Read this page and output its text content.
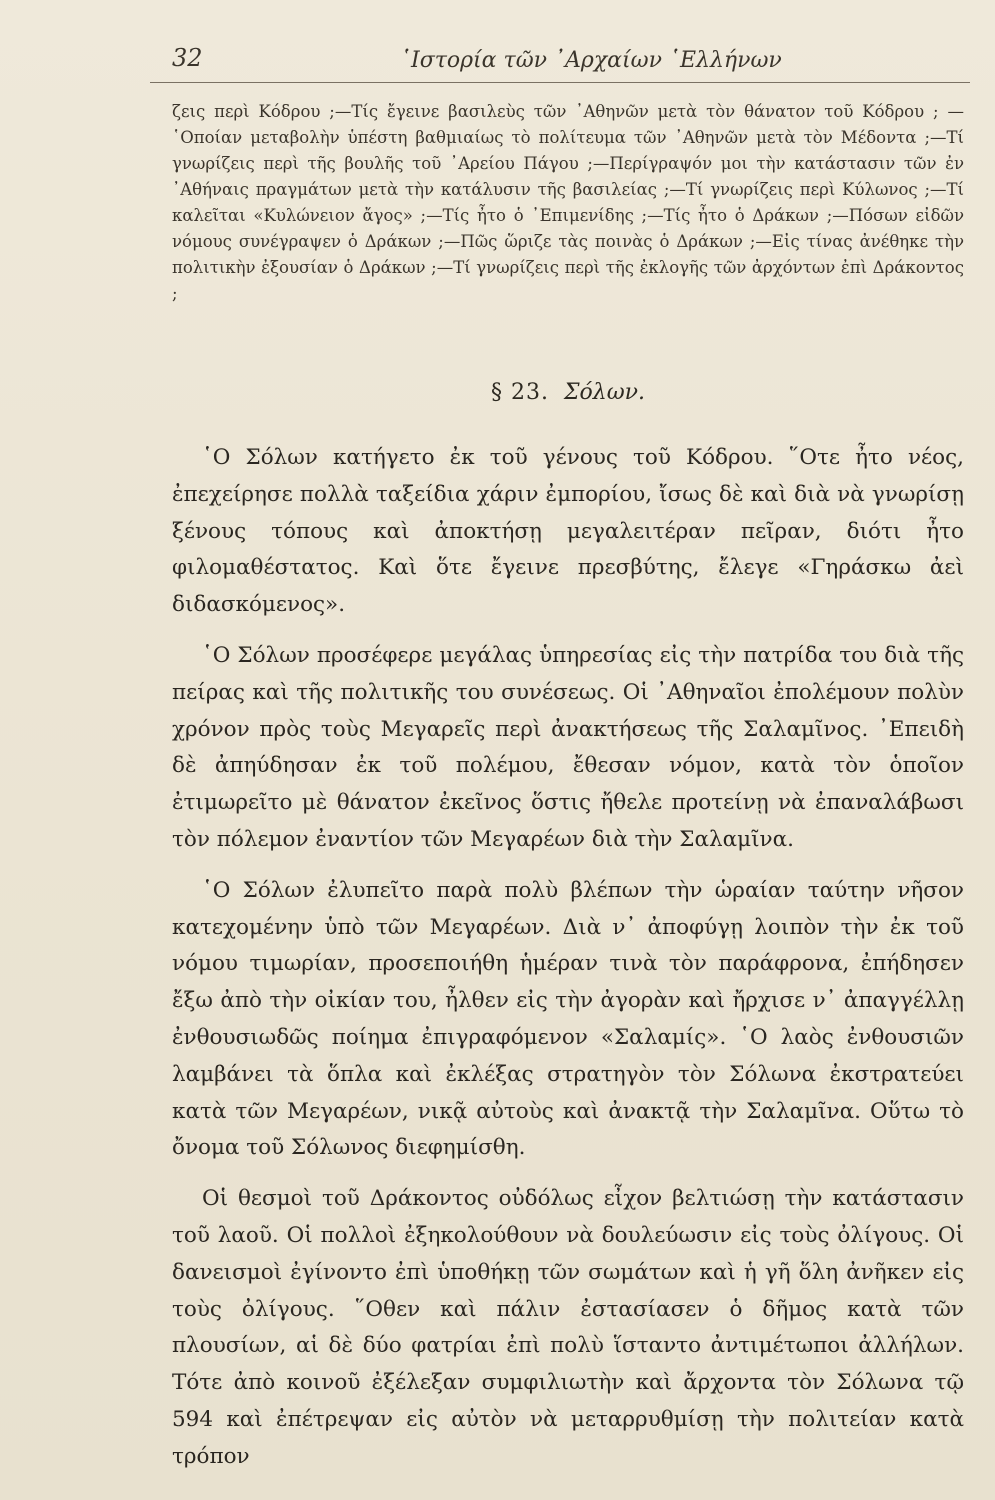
32	῾Ιστορία τῶν ᾿Αρχαίων ῾Ελλήνων
ζεις περὶ Κόδρου ;—Τίς ἔγεινε βασιλεὺς τῶν ᾿Αθηνῶν μετὰ τὸν θάνατον τοῦ Κόδρου ; —῾Οποίαν μεταβολὴν ὑπέστη βαθμιαίως τὸ πολίτευμα τῶν ᾿Αθηνῶν μετὰ τὸν Μέδοντα ;—Τί γνωρίζεις περὶ τῆς βουλῆς τοῦ ᾿Αρείου Πάγου ;—Περίγραψόν μοι τὴν κατάστασιν τῶν ἐν ᾿Αθήναις πραγμάτων μετὰ τὴν κατάλυσιν τῆς βασιλείας ;—Τί γνωρίζεις περὶ Κύλωνος ;—Τί καλεῖται «Κυλώνειον ἄγος» ;—Τίς ἦτο ὁ ᾿Επιμενίδης ;—Τίς ἦτο ὁ Δράκων ;—Πόσων εἰδῶν νόμους συνέγραψεν ὁ Δράκων ;—Πῶς ὥριζε τὰς ποινὰς ὁ Δράκων ;—Εἰς τίνας ἀνέθηκε τὴν πολιτικὴν ἐξουσίαν ὁ Δράκων ;—Τί γνωρίζεις περὶ τῆς ἐκλογῆς τῶν ἀρχόντων ἐπὶ Δράκοντος ;
§ 23. Σόλων.

῾Ο Σόλων κατήγετο ἐκ τοῦ γένους τοῦ Κόδρου. ῞Οτε ἦτο νέος, ἐπεχείρησε πολλὰ ταξείδια χάριν ἐμπορίου, ἴσως δὲ καὶ διὰ νὰ γνωρίσῃ ξένους τόπους καὶ ἀποκτήσῃ μεγαλειτέραν πεῖραν, διότι ἦτο φιλομαθέστατος. Καὶ ὅτε ἔγεινε πρεσβύτης, ἔλεγε «Γηράσκω ἀεὶ διδασκόμενος».

῾Ο Σόλων προσέφερε μεγάλας ὑπηρεσίας εἰς τὴν πατρίδα του διὰ τῆς πείρας καὶ τῆς πολιτικῆς του συνέσεως. Οἱ ᾿Αθηναῖοι ἐπολέμουν πολὺν χρόνον πρὸς τοὺς Μεγαρεῖς περὶ ἀνακτήσεως τῆς Σαλαμῖνος. ᾿Επειδὴ δὲ ἀπηύδησαν ἐκ τοῦ πολέμου, ἔθεσαν νόμον, κατὰ τὸν ὁποῖον ἐτιμωρεῖτο μὲ θάνατον ἐκεῖνος ὅστις ἤθελε προτείνῃ νὰ ἐπαναλάβωσι τὸν πόλεμον ἐναντίον τῶν Μεγαρέων διὰ τὴν Σαλαμῖνα.

῾Ο Σόλων ἐλυπεῖτο παρὰ πολὺ βλέπων τὴν ὡραίαν ταύτην νῆσον κατεχομένην ὑπὸ τῶν Μεγαρέων. Διὰ ν᾿ ἀποφύγῃ λοιπὸν τὴν ἐκ τοῦ νόμου τιμωρίαν, προσεποιήθη ἡμέραν τινὰ τὸν παράφρονα, ἐπήδησεν ἔξω ἀπὸ τὴν οἰκίαν του, ἦλθεν εἰς τὴν ἀγορὰν καὶ ἤρχισε ν᾿ ἀπαγγέλλῃ ἐνθουσιωδῶς ποίημα ἐπιγραφόμενον «Σαλαμίς». ῾Ο λαὸς ἐνθουσιῶν λαμβάνει τὰ ὅπλα καὶ ἐκλέξας στρατηγὸν τὸν Σόλωνα ἐκστρατεύει κατὰ τῶν Μεγαρέων, νικᾷ αὐτοὺς καὶ ἀνακτᾷ τὴν Σαλαμῖνα. Οὕτω τὸ ὄνομα τοῦ Σόλωνος διεφημίσθη.

Οἱ θεσμοὶ τοῦ Δράκοντος οὐδόλως εἶχον βελτιώσῃ τὴν κατάστασιν τοῦ λαοῦ. Οἱ πολλοὶ ἐξηκολούθουν νὰ δουλεύωσιν εἰς τοὺς ὀλίγους. Οἱ δανεισμοὶ ἐγίνοντο ἐπὶ ὑποθήκῃ τῶν σωμάτων καὶ ἡ γῆ ὅλη ἀνῆκεν εἰς τοὺς ὀλίγους. ῞Οθεν καὶ πάλιν ἐστασίασεν ὁ δῆμος κατὰ τῶν πλουσίων, αἱ δὲ δύο φατρίαι ἐπὶ πολὺ ἵσταντο ἀντιμέτωποι ἀλλήλων. Τότε ἀπὸ κοινοῦ ἐξέλεξαν συμφιλιωτὴν καὶ ἄρχοντα τὸν Σόλωνα τῷ 594 καὶ ἐπέτρεψαν εἰς αὐτὸν νὰ μεταρρυθμίσῃ τὴν πολιτείαν κατὰ τρόπον
